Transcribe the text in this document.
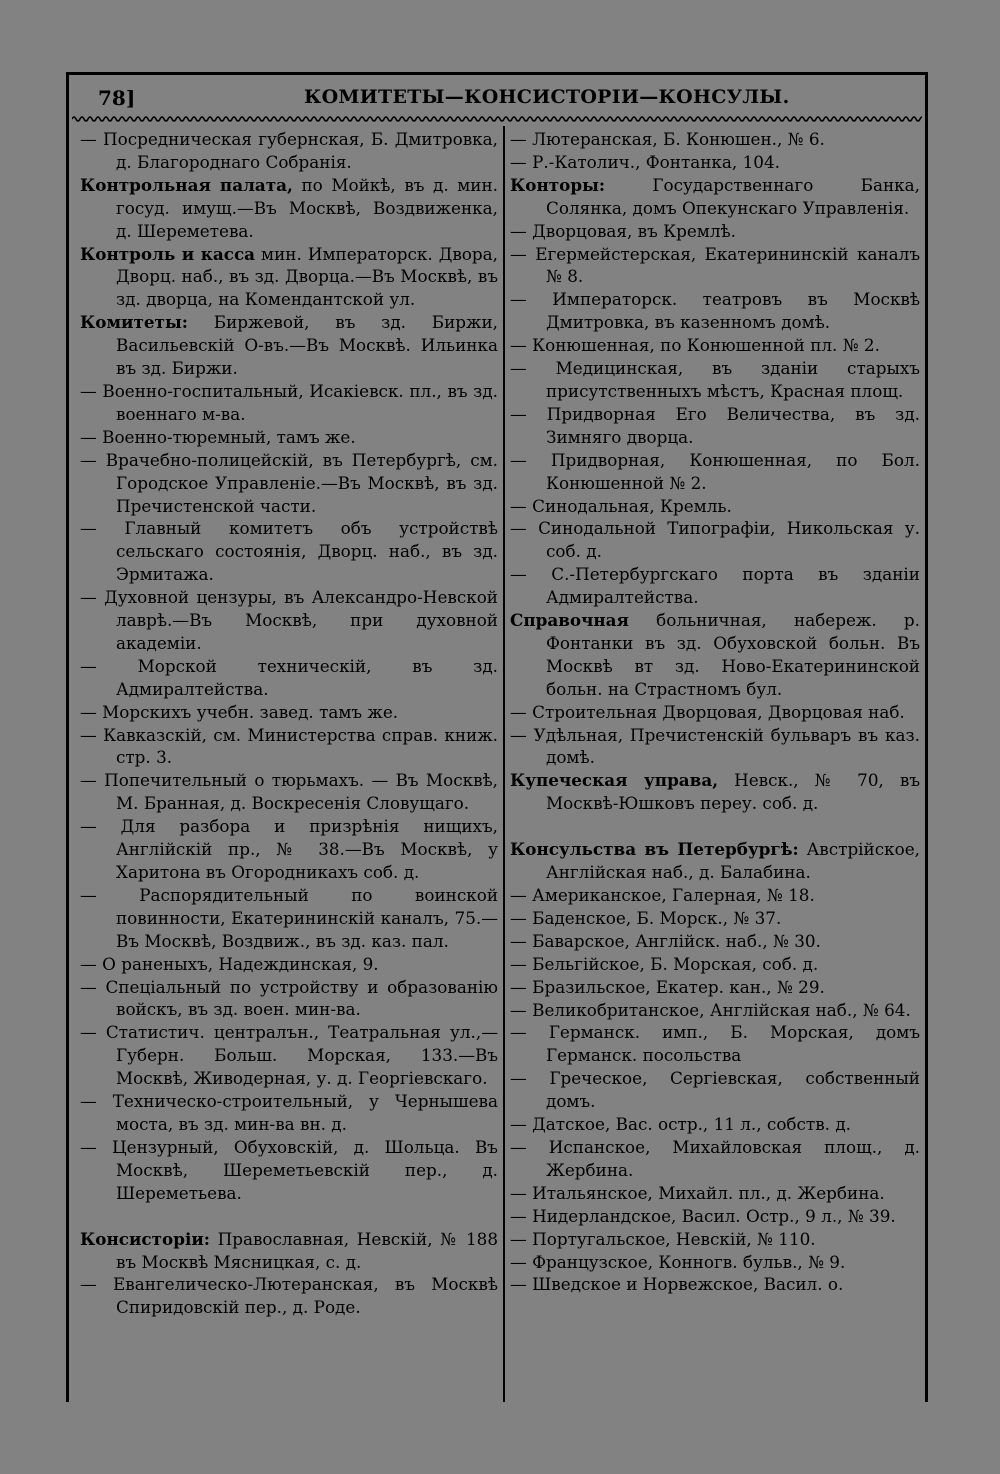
78]	КОМИТЕТЫ—КОНСИСТОРІИ—КОНСУЛЫ.

— Посредническая губернская, Б. Дмитровка, д. Благороднаго Собранія.

Контрольная палата, по Мойкѣ, въ д. мин. госуд. имущ.—Въ Москвѣ, Воздвиженка, д. Шереметева.

Контроль и касса мин. Императорск. Двора, Дворц. наб., въ зд. Дворца.—Въ Москвѣ, въ зд. дворца, на Комендантской ул.

Комитеты: Биржевой, въ зд. Биржи, Васильевскій О-въ.—Въ Москвѣ. Ильинка въ зд. Биржи.

— Военно-госпитальный, Исакіевск. пл., въ зд. военнаго м-ва.

— Военно-тюремный, тамъ же.

— Врачебно-полицейскій, въ Петербургѣ, см. Городское Управленіе.—Въ Москвѣ, въ зд. Пречистенской части.

— Главный комитетъ объ устройствѣ сельскаго состоянія, Дворц. наб., въ зд. Эрмитажа.

— Духовной цензуры, въ Александро-Невской лаврѣ.—Въ Москвѣ, при духовной академіи.

— Морской техническій, въ зд. Адмиралтейства.

— Морскихъ учебн. завед. тамъ же.

— Кавказскій, см. Министерства справ. книж. стр. 3.

— Попечительный о тюрьмахъ. — Въ Москвѣ, М. Бранная, д. Воскресенія Словущаго.

— Для разбора и призрѣнія нищихъ, Англійскій пр., № 38.—Въ Москвѣ, у Харитона въ Огородникахъ соб. д.

— Распорядительный по воинской повинности, Екатерининскій каналъ, 75.—Въ Москвѣ, Воздвиж., въ зд. каз. пал.

— О раненыхъ, Надеждинская, 9.

— Спеціальный по устройству и образованію войскъ, въ зд. воен. мин-ва.

— Статистич. централън., Театральная ул.,—Губерн. Больш. Морская, 133.—Въ Москвѣ, Живодерная, у. д. Георгіевскаго.

— Техническо-строительный, у Чернышева моста, въ зд. мин-ва вн. д.

— Цензурный, Обуховскій, д. Шольца. Въ Москвѣ, Шереметьевскій пер., д. Шереметьева.

Консисторіи: Православная, Невскій, № 188 въ Москвѣ Мясницкая, с. д.

— Евангелическо-Лютеранская, въ Москвѣ Спиридовскій пер., д. Роде.

— Лютеранская, Б. Конюшен., № 6.

— Р.-Католич., Фонтанка, 104.

Конторы: Государственнаго Банка, Солянка, домъ Опекунскаго Управленія.

— Дворцовая, въ Кремлѣ.

— Егермейстерская, Екатерининскій каналъ № 8.

— Императорск. театровъ въ Москвѣ Дмитровка, въ казенномъ домѣ.

— Конюшенная, по Конюшенной пл. № 2.

— Медицинская, въ зданіи старыхъ присутственныхъ мѣстъ, Красная площ.

— Придворная Его Величества, въ зд. Зимняго дворца.

— Придворная, Конюшенная, по Бол. Конюшенной № 2.

— Синодальная, Кремль.

— Синодальной Типографіи, Никольская у. соб. д.

— С.-Петербургскаго порта въ зданіи Адмиралтейства.

Справочная больничная, набереж. р. Фонтанки въ зд. Обуховской больн. Въ Москвѣ вт зд. Ново-Екатерининской больн. на Страстномъ бул.

— Строительная Дворцовая, Дворцовая наб.

— Удѣльная, Пречистенскій бульваръ въ каз. домѣ.

Купеческая управа, Невск., № 70, въ Москвѣ-Юшковъ переу. соб. д.

Консульства въ Петербургѣ: Австрійское, Англійская наб., д. Балабина.

— Американское, Галерная, № 18.

— Баденское, Б. Морск., № 37.

— Баварское, Англійск. наб., № 30.

— Бельгійское, Б. Морская, соб. д.

— Бразильское, Екатер. кан., № 29.

— Великобританское, Англійская наб., № 64.

— Германск. имп., Б. Морская, домъ Германск. посольства

— Греческое, Сергіевская, собственный домъ.

— Датское, Вас. остр., 11 л., собств. д.

— Испанское, Михайловская площ., д. Жербина.

— Итальянское, Михайл. пл., д. Жербина.

— Нидерландское, Васил. Остр., 9 л., № 39.

— Португальское, Невскій, № 110.

— Французское, Конногв. бульв., № 9.

— Шведское и Норвежское, Васил. о.
